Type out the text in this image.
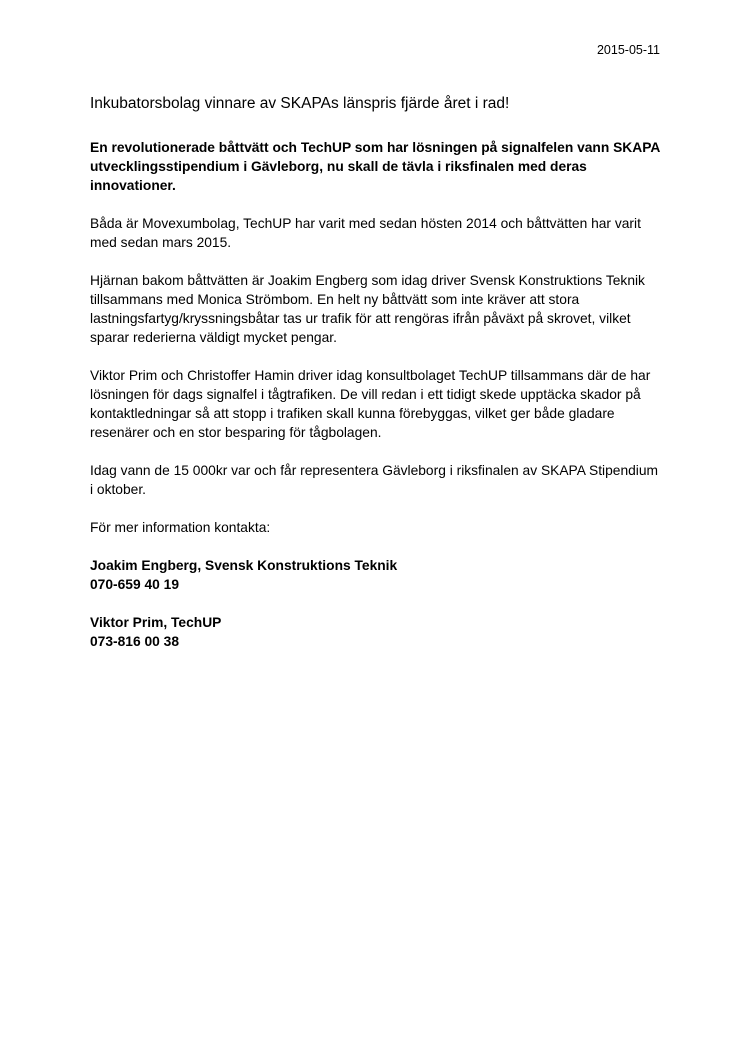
2015-05-11
Inkubatorsbolag vinnare av SKAPAs länspris fjärde året i rad!

En revolutionerade båttvätt och TechUP som har lösningen på signalfelen vann SKAPA utvecklingsstipendium i Gävleborg, nu skall de tävla i riksfinalen med deras innovationer.

Båda är Movexumbolag, TechUP har varit med sedan hösten 2014 och båttvätten har varit med sedan mars 2015.

Hjärnan bakom båttvätten är Joakim Engberg som idag driver Svensk Konstruktions Teknik tillsammans med Monica Strömbom. En helt ny båttvätt som inte kräver att stora lastningsfartyg/kryssningsbåtar tas ur trafik för att rengöras ifrån påväxt på skrovet, vilket sparar rederierna väldigt mycket pengar.

Viktor Prim och Christoffer Hamin driver idag konsultbolaget TechUP tillsammans där de har lösningen för dags signalfel i tågtrafiken. De vill redan i ett tidigt skede upptäcka skador på kontaktledningar så att stopp i trafiken skall kunna förebyggas, vilket ger både gladare resenärer och en stor besparing för tågbolagen.

Idag vann de 15 000kr var och får representera Gävleborg i riksfinalen av SKAPA Stipendium i oktober.

För mer information kontakta:

Joakim Engberg, Svensk Konstruktions Teknik
070-659 40 19
Viktor Prim, TechUP
073-816 00 38
